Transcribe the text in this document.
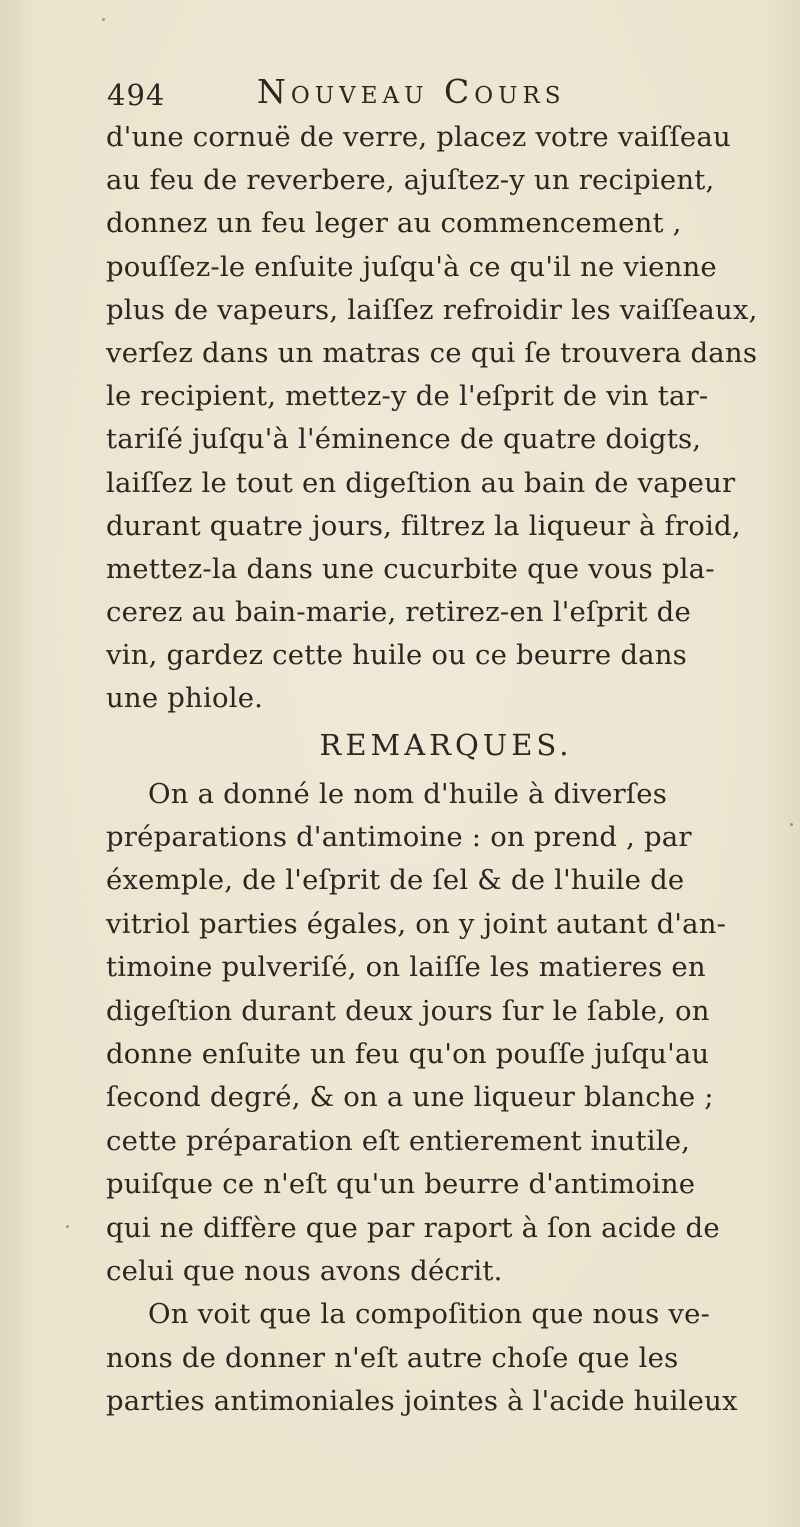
494	Nouveau Cours
d'une cornuë de verre, placez votre vaiſſeau
au feu de reverbere, ajuſtez-y un recipient,
donnez un feu leger au commencement ,
pouſſez-le enſuite juſqu'à ce qu'il ne vienne
plus de vapeurs, laiſſez refroidir les vaiſſeaux,
verſez dans un matras ce qui ſe trouvera dans
le recipient, mettez-y de l'eſprit de vin tar-
tariſé juſqu'à l'éminence de quatre doigts,
laiſſez le tout en digeſtion au bain de vapeur
durant quatre jours, filtrez la liqueur à froid,
mettez-la dans une cucurbite que vous pla-
cerez au bain-marie, retirez-en l'eſprit de
vin, gardez cette huile ou ce beurre dans
une phiole.
REMARQUES.
On a donné le nom d'huile à diverſes
préparations d'antimoine : on prend , par
éxemple, de l'eſprit de ſel & de l'huile de
vitriol parties égales, on y joint autant d'an-
timoine pulveriſé, on laiſſe les matieres en
digeſtion durant deux jours ſur le ſable, on
donne enſuite un feu qu'on pouſſe juſqu'au
ſecond degré, & on a une liqueur blanche ;
cette préparation eſt entierement inutile,
puiſque ce n'eſt qu'un beurre d'antimoine
qui ne diffère que par raport à ſon acide de
celui que nous avons décrit.
On voit que la compoſition que nous ve-
nons de donner n'eſt autre choſe que les
parties antimoniales jointes à l'acide huileux
